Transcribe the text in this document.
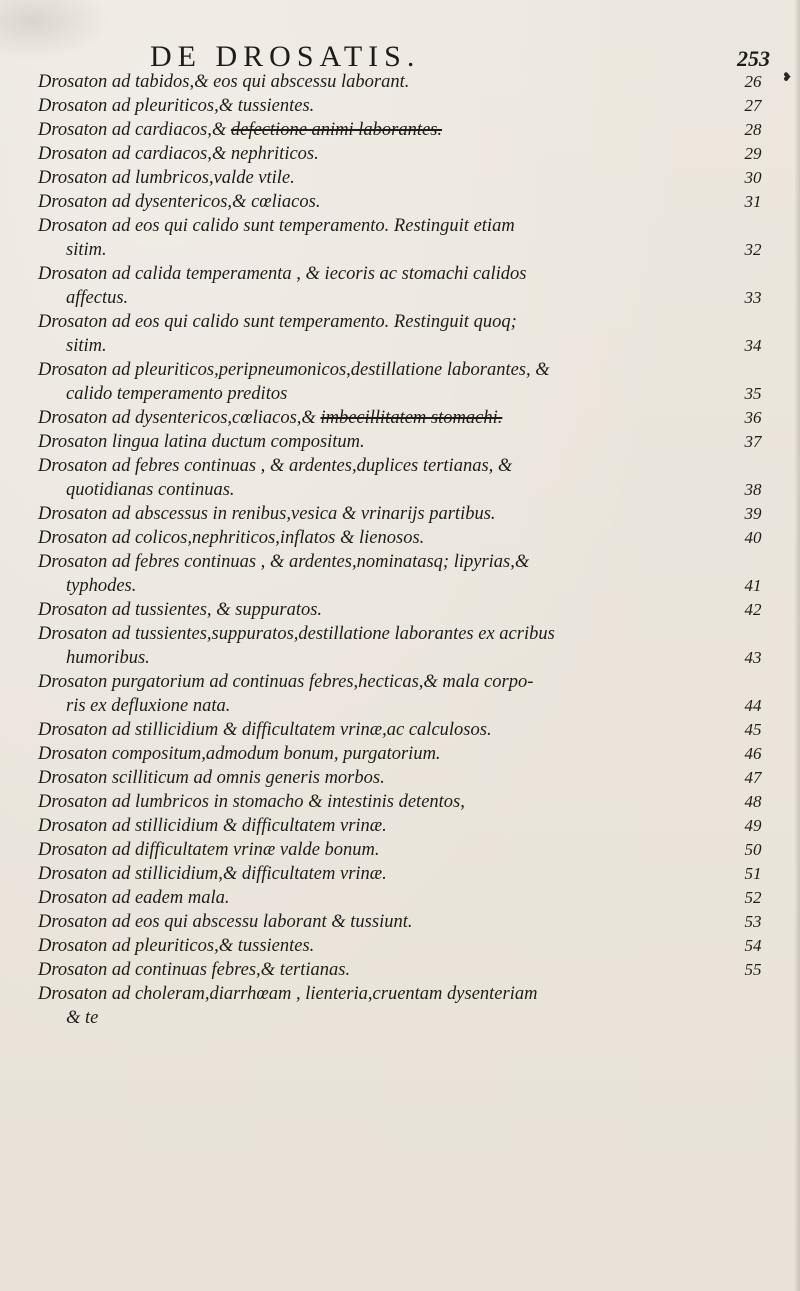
❥
DE DROSATIS.	253
Drosaton ad tabidos,& eos qui abscessu laborant.	26
Drosaton ad pleuriticos,& tussientes.	27
Drosaton ad cardiacos,& defectione animi laborantes.	28
Drosaton ad cardiacos,& nephriticos.	29
Drosaton ad lumbricos,valde vtile.	30
Drosaton ad dysentericos,& cœliacos.	31
Drosaton ad eos qui calido sunt temperamento. Restinguit etiam
sitim.	32
Drosaton ad calida temperamenta , & iecoris ac stomachi calidos
affectus.	33
Drosaton ad eos qui calido sunt temperamento. Restinguit quoq;
sitim.	34
Drosaton ad pleuriticos,peripneumonicos,destillatione laborantes, &
calido temperamento preditos	35
Drosaton ad dysentericos,cœliacos,& imbecillitatem stomachi.	36
Drosaton lingua latina ductum compositum.	37
Drosaton ad febres continuas , & ardentes,duplices tertianas, &
quotidianas continuas.	38
Drosaton ad abscessus in renibus,vesica & vrinarijs partibus.	39
Drosaton ad colicos,nephriticos,inflatos & lienosos.	40
Drosaton ad febres continuas , & ardentes,nominatasq; lipyrias,&
typhodes.	41
Drosaton ad tussientes, & suppuratos.	42
Drosaton ad tussientes,suppuratos,destillatione laborantes ex acribus
humoribus.	43
Drosaton purgatorium ad continuas febres,hecticas,& mala corpo-
ris ex defluxione nata.	44
Drosaton ad stillicidium & difficultatem vrinæ,ac calculosos.	45
Drosaton compositum,admodum bonum, purgatorium.	46
Drosaton scilliticum ad omnis generis morbos.	47
Drosaton ad lumbricos in stomacho & intestinis detentos,	48
Drosaton ad stillicidium & difficultatem vrinæ.	49
Drosaton ad difficultatem vrinæ valde bonum.	50
Drosaton ad stillicidium,& difficultatem vrinæ.	51
Drosaton ad eadem mala.	52
Drosaton ad eos qui abscessu laborant & tussiunt.	53
Drosaton ad pleuriticos,& tussientes.	54
Drosaton ad continuas febres,& tertianas.	55
Drosaton ad choleram,diarrhœam , lienteria,cruentam dysenteriam
& te
